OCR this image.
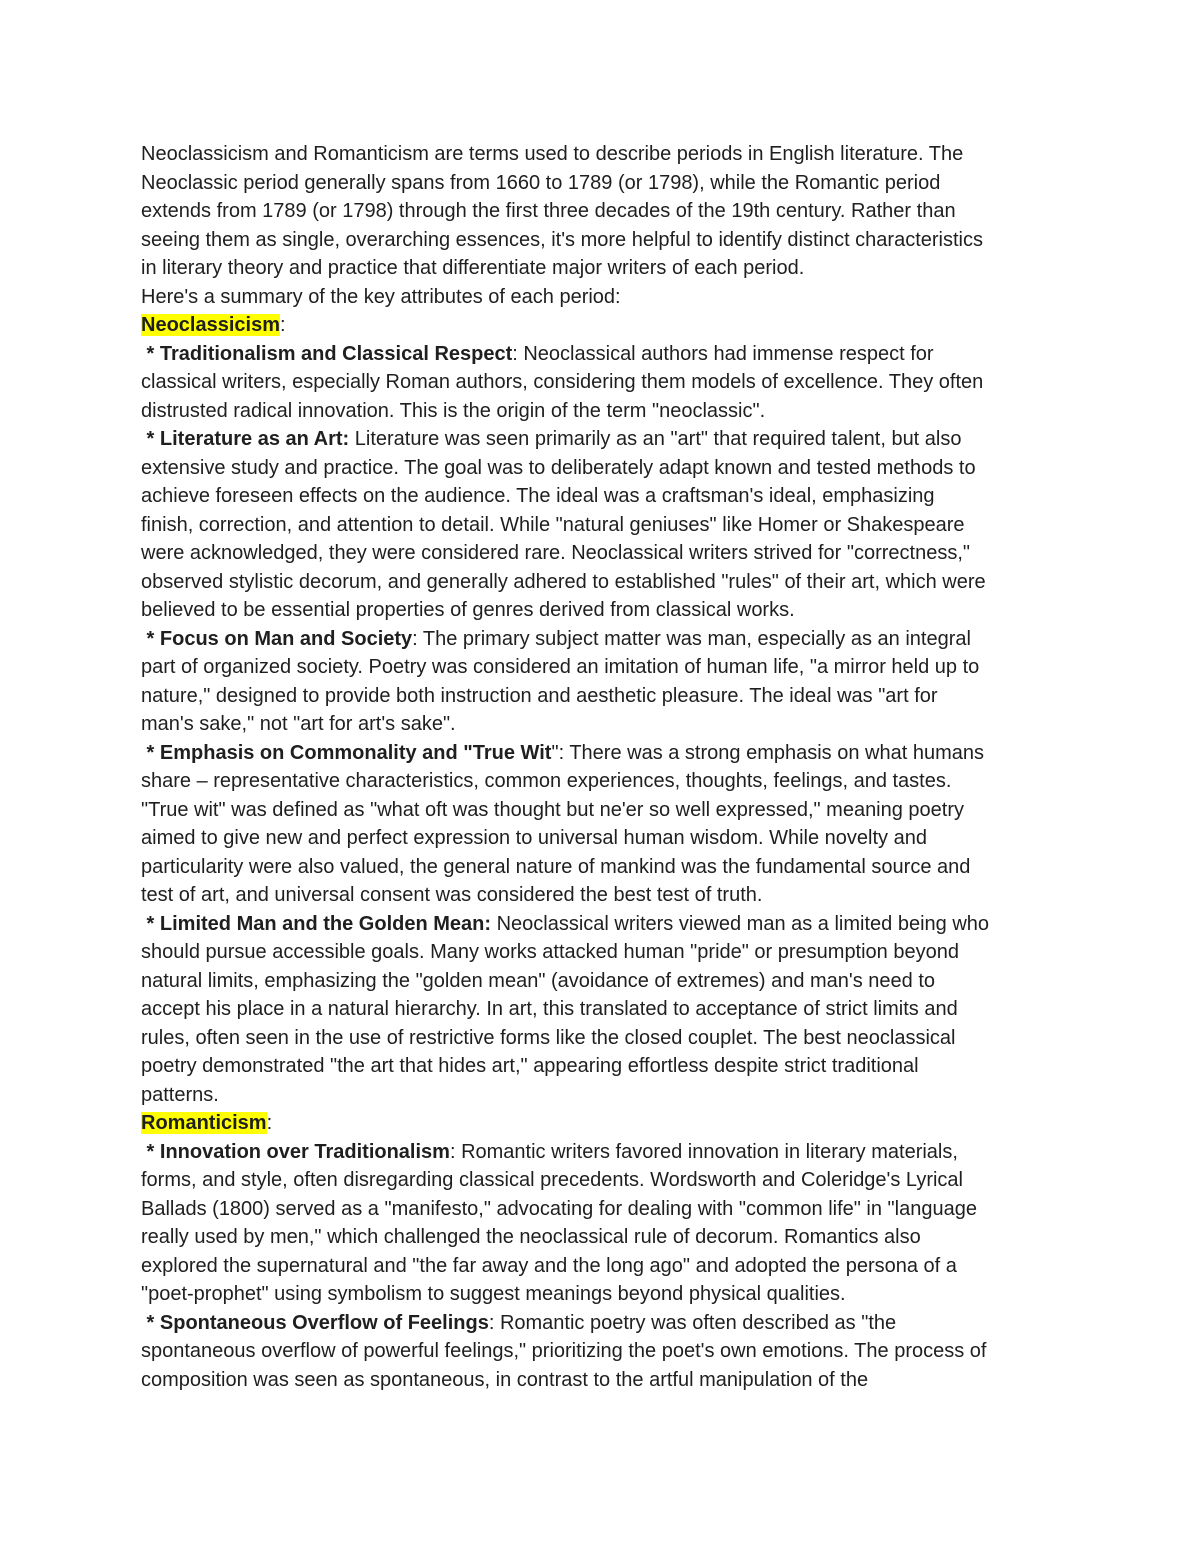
Neoclassicism and Romanticism are terms used to describe periods in English literature. The
Neoclassic period generally spans from 1660 to 1789 (or 1798), while the Romantic period
extends from 1789 (or 1798) through the first three decades of the 19th century. Rather than
seeing them as single, overarching essences, it's more helpful to identify distinct characteristics
in literary theory and practice that differentiate major writers of each period.
Here's a summary of the key attributes of each period:
Neoclassicism:
* Traditionalism and Classical Respect: Neoclassical authors had immense respect for
classical writers, especially Roman authors, considering them models of excellence. They often
distrusted radical innovation. This is the origin of the term "neoclassic".
* Literature as an Art: Literature was seen primarily as an "art" that required talent, but also
extensive study and practice. The goal was to deliberately adapt known and tested methods to
achieve foreseen effects on the audience. The ideal was a craftsman's ideal, emphasizing
finish, correction, and attention to detail. While "natural geniuses" like Homer or Shakespeare
were acknowledged, they were considered rare. Neoclassical writers strived for "correctness,"
observed stylistic decorum, and generally adhered to established "rules" of their art, which were
believed to be essential properties of genres derived from classical works.
* Focus on Man and Society: The primary subject matter was man, especially as an integral
part of organized society. Poetry was considered an imitation of human life, "a mirror held up to
nature," designed to provide both instruction and aesthetic pleasure. The ideal was "art for
man's sake," not "art for art's sake".
* Emphasis on Commonality and "True Wit": There was a strong emphasis on what humans
share – representative characteristics, common experiences, thoughts, feelings, and tastes.
"True wit" was defined as "what oft was thought but ne'er so well expressed," meaning poetry
aimed to give new and perfect expression to universal human wisdom. While novelty and
particularity were also valued, the general nature of mankind was the fundamental source and
test of art, and universal consent was considered the best test of truth.
* Limited Man and the Golden Mean: Neoclassical writers viewed man as a limited being who
should pursue accessible goals. Many works attacked human "pride" or presumption beyond
natural limits, emphasizing the "golden mean" (avoidance of extremes) and man's need to
accept his place in a natural hierarchy. In art, this translated to acceptance of strict limits and
rules, often seen in the use of restrictive forms like the closed couplet. The best neoclassical
poetry demonstrated "the art that hides art," appearing effortless despite strict traditional
patterns.
Romanticism:
* Innovation over Traditionalism: Romantic writers favored innovation in literary materials,
forms, and style, often disregarding classical precedents. Wordsworth and Coleridge's Lyrical
Ballads (1800) served as a "manifesto," advocating for dealing with "common life" in "language
really used by men," which challenged the neoclassical rule of decorum. Romantics also
explored the supernatural and "the far away and the long ago" and adopted the persona of a
"poet-prophet" using symbolism to suggest meanings beyond physical qualities.
* Spontaneous Overflow of Feelings: Romantic poetry was often described as "the
spontaneous overflow of powerful feelings," prioritizing the poet's own emotions. The process of
composition was seen as spontaneous, in contrast to the artful manipulation of the
